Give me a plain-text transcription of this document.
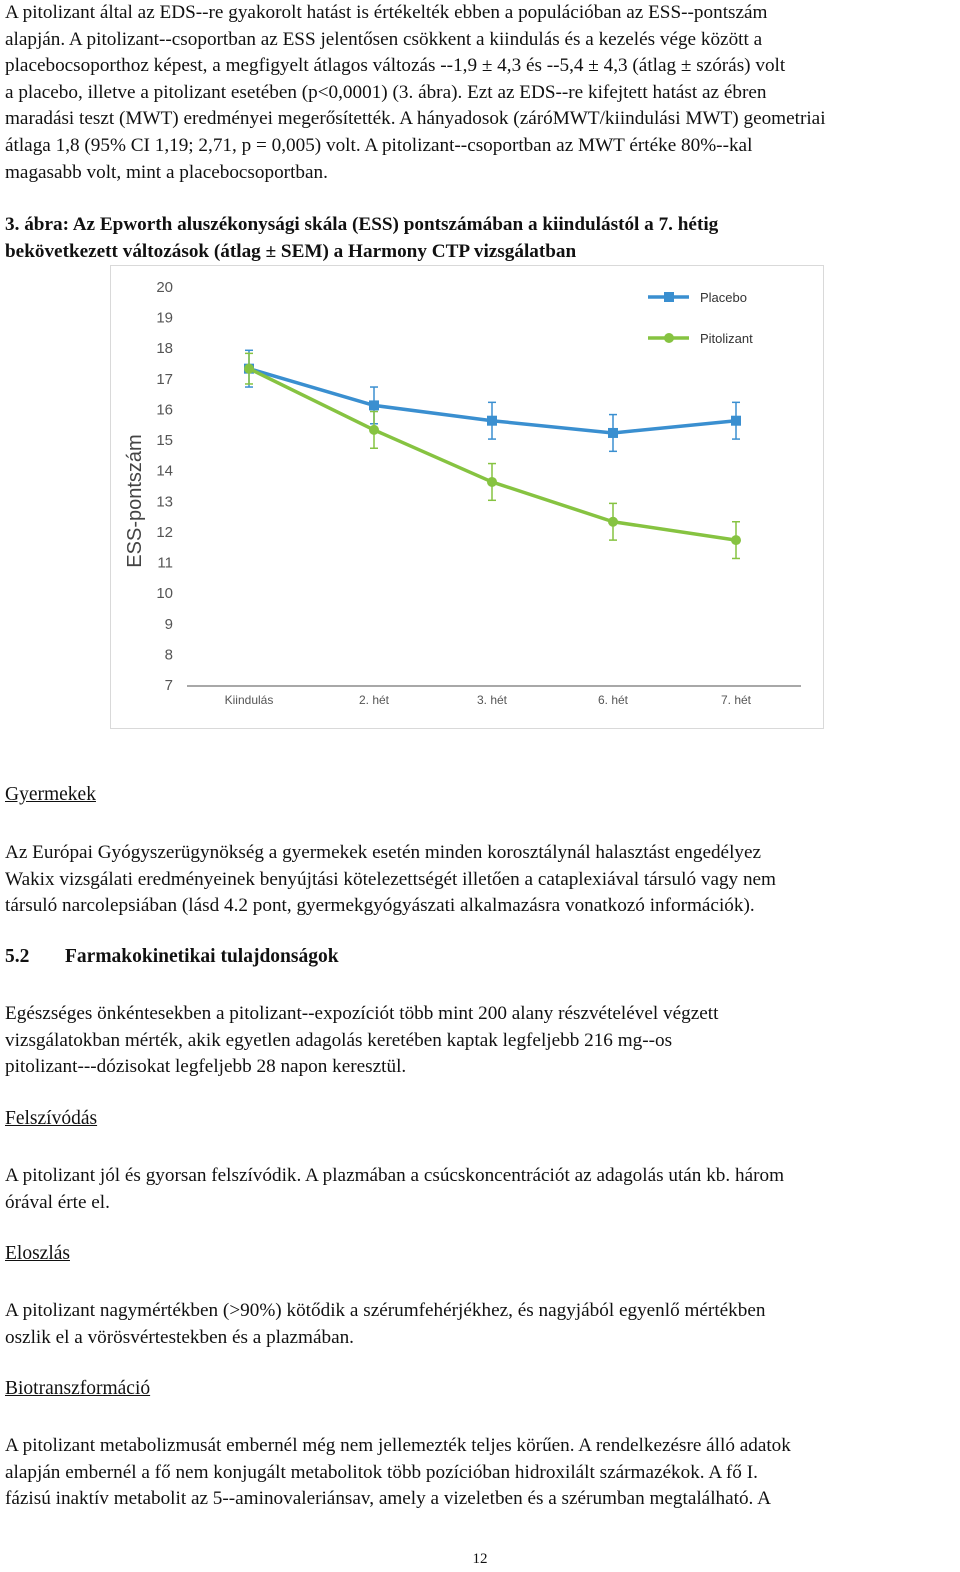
A pitolizant által az EDS--re gyakorolt hatást is értékelték ebben a populációban az ESS--pontszám

alapján. A pitolizant--csoportban az ESS jelentősen csökkent a kiindulás és a kezelés vége között a

placebocsoporthoz képest, a megfigyelt átlagos változás --1,9 ± 4,3 és --5,4 ± 4,3 (átlag ± szórás) volt

a placebo, illetve a pitolizant esetében (p<0,0001) (3. ábra). Ezt az EDS--re kifejtett hatást az ébren

maradási teszt (MWT) eredményei megerősítették. A hányadosok (záróMWT/kiindulási MWT) geometriai

átlaga 1,8 (95% CI 1,19; 2,71, p = 0,005) volt. A pitolizant--csoportban az MWT értéke 80%--kal

magasabb volt, mint a placebocsoportban.

3. ábra: Az Epworth aluszékonysági skála (ESS) pontszámában a kiindulástól a 7. hétig

bekövetkezett változások (átlag ± SEM) a Harmony CTP vizsgálatban

7
8
9
10
11
12
13
14
15
16
17
18
19
20
Kiindulás	2. hét	3. hét	6. hét	7. hét
ESS-pontszám
Placebo
Pitolizant
Gyermekek

Az Európai Gyógyszerügynökség a gyermekek esetén minden korosztálynál halasztást engedélyez

Wakix vizsgálati eredményeinek benyújtási kötelezettségét illetően a cataplexiával társuló vagy nem

társuló narcolepsiában (lásd 4.2 pont, gyermekgyógyászati alkalmazásra vonatkozó információk).

5.2 Farmakokinetikai tulajdonságok

Egészséges önkéntesekben a pitolizant--expozíciót több mint 200 alany részvételével végzett

vizsgálatokban mérték, akik egyetlen adagolás keretében kaptak legfeljebb 216 mg--os

pitolizant---dózisokat legfeljebb 28 napon keresztül.

Felszívódás

A pitolizant jól és gyorsan felszívódik. A plazmában a csúcskoncentrációt az adagolás után kb. három

órával érte el.

Eloszlás

A pitolizant nagymértékben (>90%) kötődik a szérumfehérjékhez, és nagyjából egyenlő mértékben

oszlik el a vörösvértestekben és a plazmában.

Biotranszformáció

A pitolizant metabolizmusát embernél még nem jellemezték teljes körűen. A rendelkezésre álló adatok

alapján embernél a fő nem konjugált metabolitok több pozícióban hidroxilált származékok. A fő I.

fázisú inaktív metabolit az 5--aminovaleriánsav, amely a vizeletben és a szérumban megtalálható. A

12
